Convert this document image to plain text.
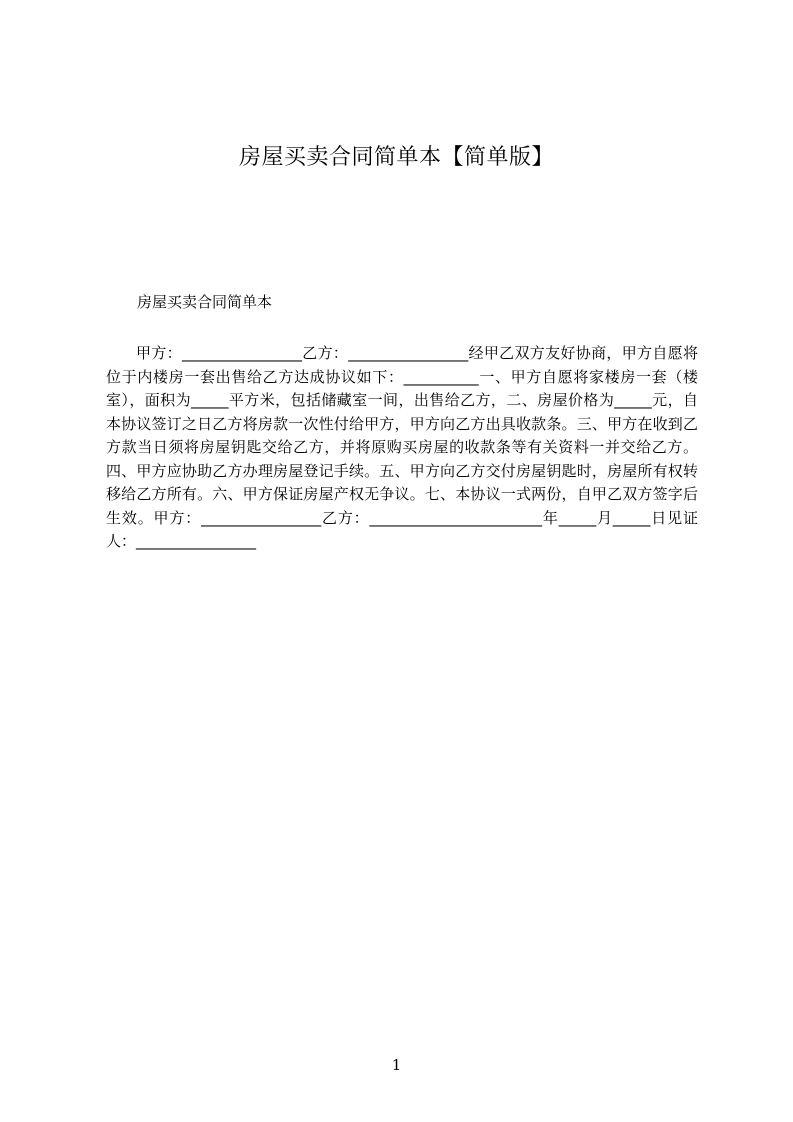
房屋买卖合同简单本【简单版】
房屋买卖合同简单本
甲方：________________乙方：________________经甲乙双方友好协商，甲方自愿将位于内楼房一套出售给乙方达成协议如下：__________一、甲方自愿将家楼房一套（楼室），面积为_____平方米，包括储藏室一间，出售给乙方，二、房屋价格为_____元，自本协议签订之日乙方将房款一次性付给甲方，甲方向乙方出具收款条。三、甲方在收到乙方款当日须将房屋钥匙交给乙方，并将原购买房屋的收款条等有关资料一并交给乙方。四、甲方应协助乙方办理房屋登记手续。五、甲方向乙方交付房屋钥匙时，房屋所有权转移给乙方所有。六、甲方保证房屋产权无争议。七、本协议一式两份，自甲乙双方签字后生效。甲方：________________乙方：_______________________年_____月_____日见证人：________________
1
